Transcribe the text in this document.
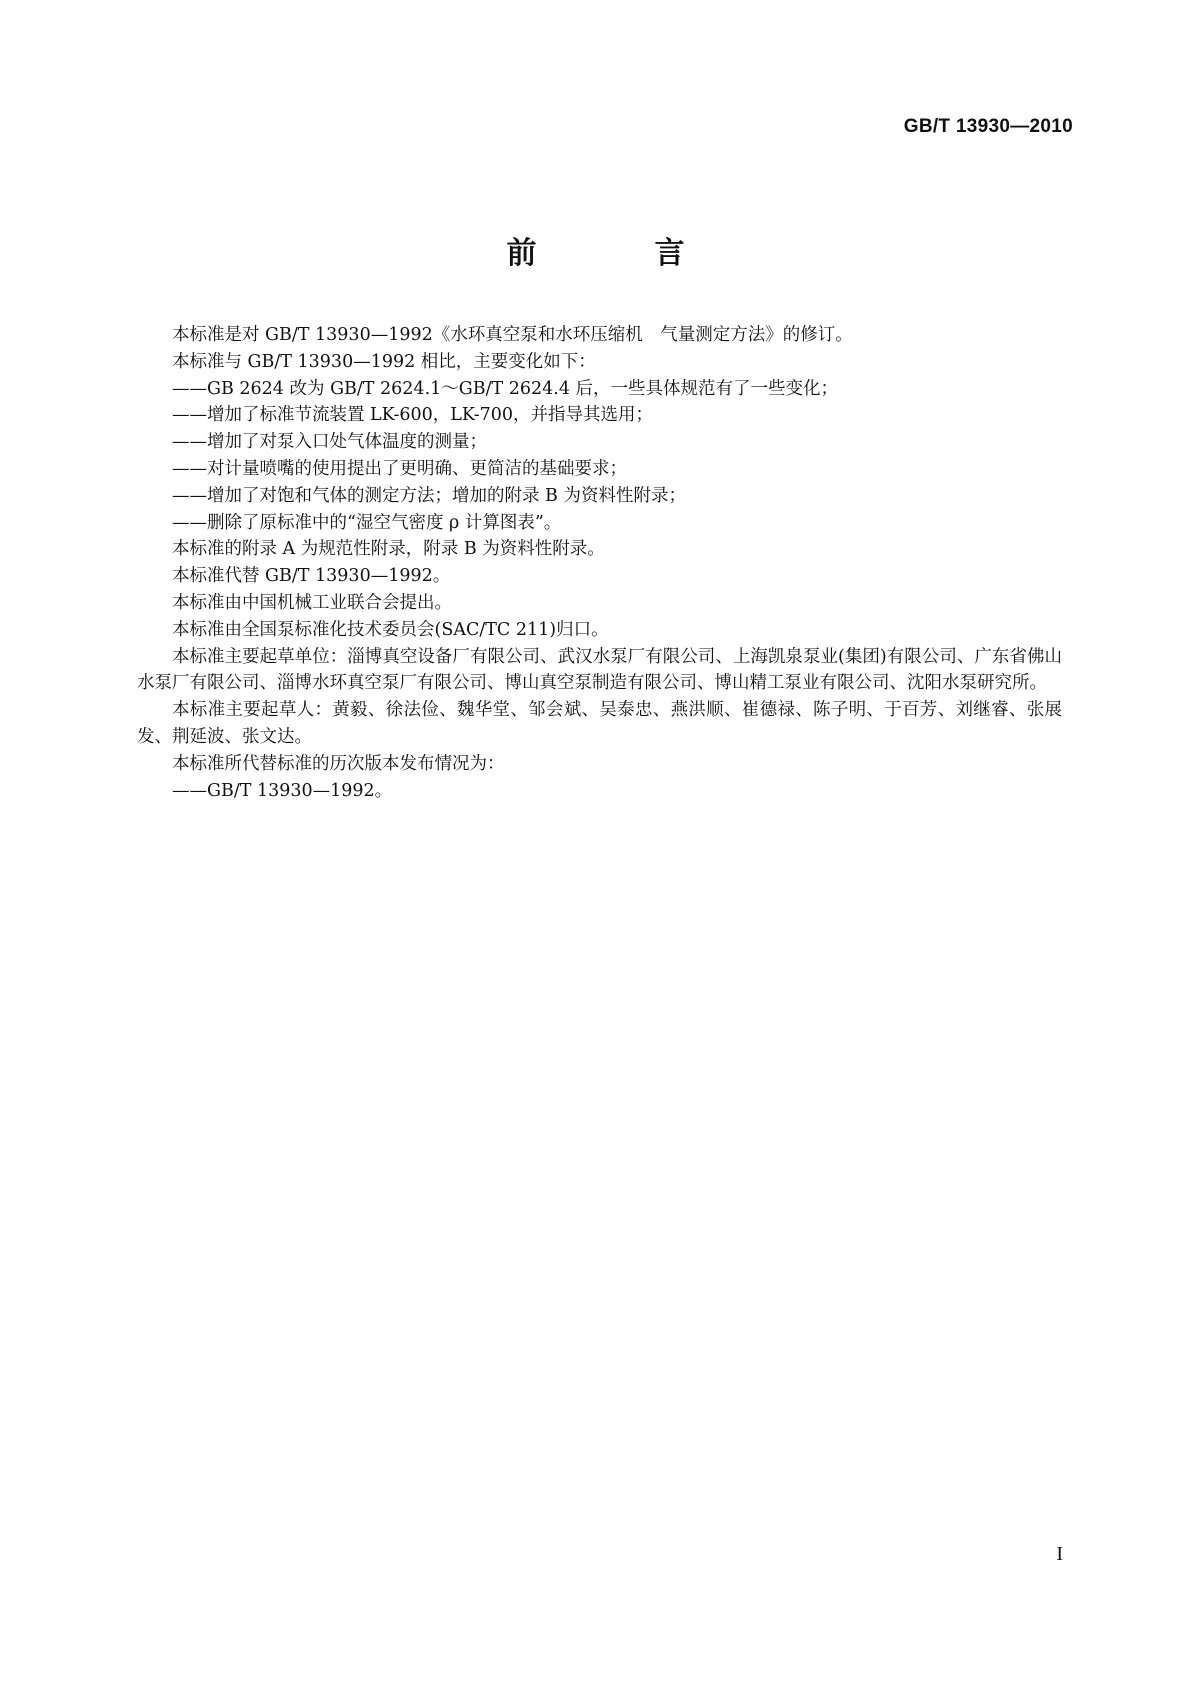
GB/T 13930—2010
前　言

本标准是对 GB/T 13930—1992《水环真空泵和水环压缩机　气量测定方法》的修订。

本标准与 GB/T 13930—1992 相比，主要变化如下：

——GB 2624 改为 GB/T 2624.1～GB/T 2624.4 后，一些具体规范有了一些变化；

——增加了标准节流装置 LK-600，LK-700，并指导其选用；

——增加了对泵入口处气体温度的测量；

——对计量喷嘴的使用提出了更明确、更简洁的基础要求；

——增加了对饱和气体的测定方法；增加的附录 B 为资料性附录；

——删除了原标准中的“湿空气密度 ρ 计算图表”。

本标准的附录 A 为规范性附录，附录 B 为资料性附录。

本标准代替 GB/T 13930—1992。

本标准由中国机械工业联合会提出。

本标准由全国泵标准化技术委员会(SAC/TC 211)归口。

本标准主要起草单位：淄博真空设备厂有限公司、武汉水泵厂有限公司、上海凯泉泵业(集团)有限公司、广东省佛山水泵厂有限公司、淄博水环真空泵厂有限公司、博山真空泵制造有限公司、博山精工泵业有限公司、沈阳水泵研究所。

本标准主要起草人：黄毅、徐法俭、魏华堂、邹会斌、吴泰忠、燕洪顺、崔德禄、陈子明、于百芳、刘继睿、张展发、荆延波、张文达。

本标准所代替标准的历次版本发布情况为：

——GB/T 13930—1992。

I
